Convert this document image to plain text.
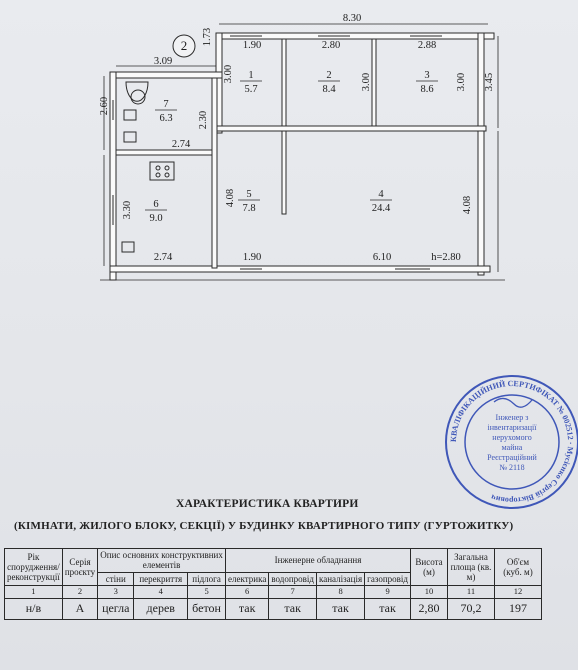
2
8.30
3.09
1.73	1.90	2.80	2.88
3.00	3.00	3.00 3.45
2.60
2.30
2.74
3.30
4.08	4.08
2.74	1.90	6.10	h=2.80
1
5.7
2
8.4
3
8.6
4
24.4
5
7.8
6
9.0
7
6.3
КВАЛІФІКАЦІЙНИЙ СЕРТИФІКАТ № 002512 · Мусієнко Сергій Вікторович
Інженер з
інвентаризації
нерухомого
майна
Реєстраційний
№ 2118
ХАРАКТЕРИСТИКА КВАРТИРИ
(КІМНАТИ, ЖИЛОГО БЛОКУ, СЕКЦІЇ) У БУДИНКУ КВАРТИРНОГО ТИПУ (ГУРТОЖИТКУ)
Рік спорудження/реконструкції	Серія проєкту	Опис основних конструктивних елементів			Інженерне обладнання				Висота (м)	Загальна площа (кв. м)	Об'єм (куб. м)
		стіни	перекриття	підлога	електрика	водопровід	каналізація	газопровід			
1	2	3	4	5	6	7	8	9	10	11	12
н/в	А	цегла	дерев	бетон	так	так	так	так	2,80	70,2	197
